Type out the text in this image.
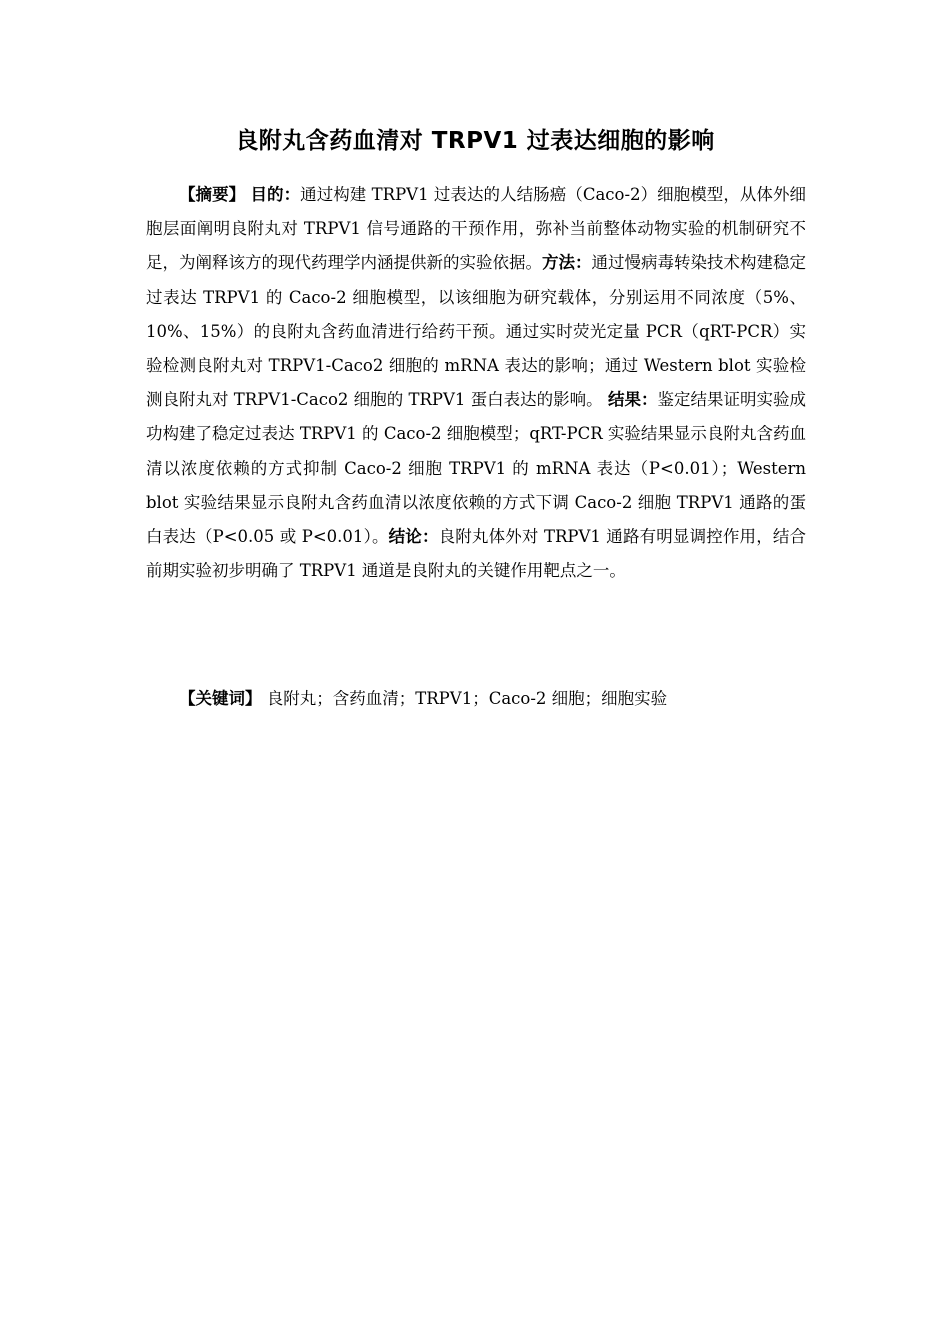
良附丸含药血清对 TRPV1 过表达细胞的影响

【摘要】 目的：通过构建 TRPV1 过表达的人结肠癌（Caco-2）细胞模型，从体外细胞层面阐明良附丸对 TRPV1 信号通路的干预作用，弥补当前整体动物实验的机制研究不足，为阐释该方的现代药理学内涵提供新的实验依据。方法：通过慢病毒转染技术构建稳定过表达 TRPV1 的 Caco-2 细胞模型，以该细胞为研究载体，分别运用不同浓度（5%、10%、15%）的良附丸含药血清进行给药干预。通过实时荧光定量 PCR（qRT-PCR）实验检测良附丸对 TRPV1-Caco2 细胞的 mRNA 表达的影响；通过 Western blot 实验检测良附丸对 TRPV1-Caco2 细胞的 TRPV1 蛋白表达的影响。 结果：鉴定结果证明实验成功构建了稳定过表达 TRPV1 的 Caco-2 细胞模型；qRT-PCR 实验结果显示良附丸含药血清以浓度依赖的方式抑制 Caco-2 细胞 TRPV1 的 mRNA 表达（P<0.01）；Western blot 实验结果显示良附丸含药血清以浓度依赖的方式下调 Caco-2 细胞 TRPV1 通路的蛋白表达（P<0.05 或 P<0.01）。结论：良附丸体外对 TRPV1 通路有明显调控作用，结合前期实验初步明确了 TRPV1 通道是良附丸的关键作用靶点之一。

【关键词】 良附丸；含药血清；TRPV1；Caco-2 细胞；细胞实验
